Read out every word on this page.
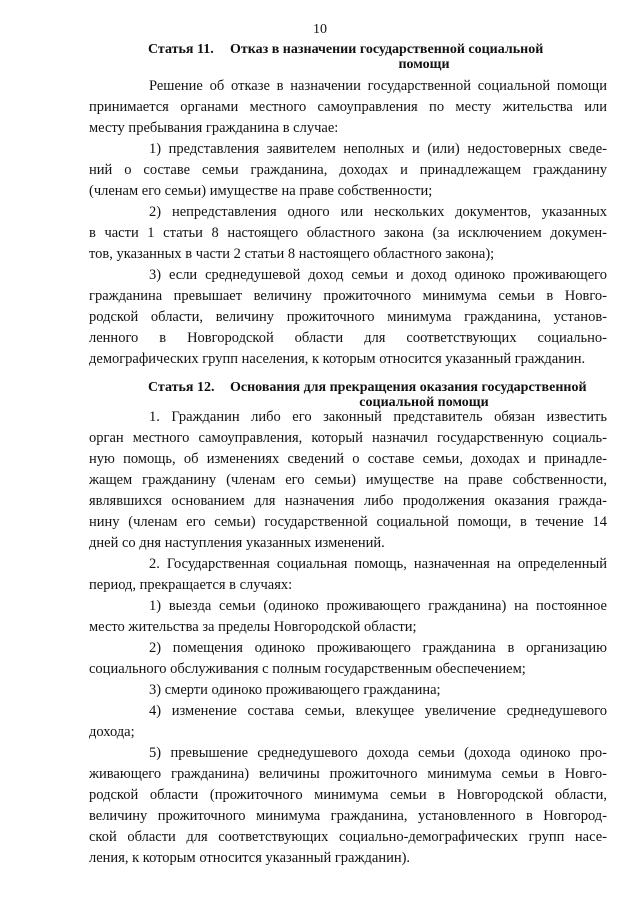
10
Статья 11. Отказ в назначении государственной социальной
помощи
Решение об отказе в назначении государственной социальной помощи
принимается органами местного самоуправления по месту жительства или
месту пребывания гражданина в случае:
1) представления заявителем неполных и (или) недостоверных сведе-
ний о составе семьи гражданина, доходах и принадлежащем гражданину
(членам его семьи) имуществе на праве собственности;
2) непредставления одного или нескольких документов, указанных
в части 1 статьи 8 настоящего областного закона (за исключением докумен-
тов, указанных в части 2 статьи 8 настоящего областного закона);
3) если среднедушевой доход семьи и доход одиноко проживающего
гражданина превышает величину прожиточного минимума семьи в Новго-
родской области, величину прожиточного минимума гражданина, установ-
ленного в Новгородской области для соответствующих социально-
демографических групп населения, к которым относится указанный гражданин.
Статья 12. Основания для прекращения оказания государственной
социальной помощи
1. Гражданин либо его законный представитель обязан известить
орган местного самоуправления, который назначил государственную социаль-
ную помощь, об изменениях сведений о составе семьи, доходах и принадле-
жащем гражданину (членам его семьи) имуществе на праве собственности,
являвшихся основанием для назначения либо продолжения оказания гражда-
нину (членам его семьи) государственной социальной помощи, в течение 14
дней со дня наступления указанных изменений.
2. Государственная социальная помощь, назначенная на определенный
период, прекращается в случаях:
1) выезда семьи (одиноко проживающего гражданина) на постоянное
место жительства за пределы Новгородской области;
2) помещения одиноко проживающего гражданина в организацию
социального обслуживания с полным государственным обеспечением;
3) смерти одиноко проживающего гражданина;
4) изменение состава семьи, влекущее увеличение среднедушевого
дохода;
5) превышение среднедушевого дохода семьи (дохода одиноко про-
живающего гражданина) величины прожиточного минимума семьи в Новго-
родской области (прожиточного минимума семьи в Новгородской области,
величину прожиточного минимума гражданина, установленного в Новгород-
ской области для соответствующих социально-демографических групп насе-
ления, к которым относится указанный гражданин).
